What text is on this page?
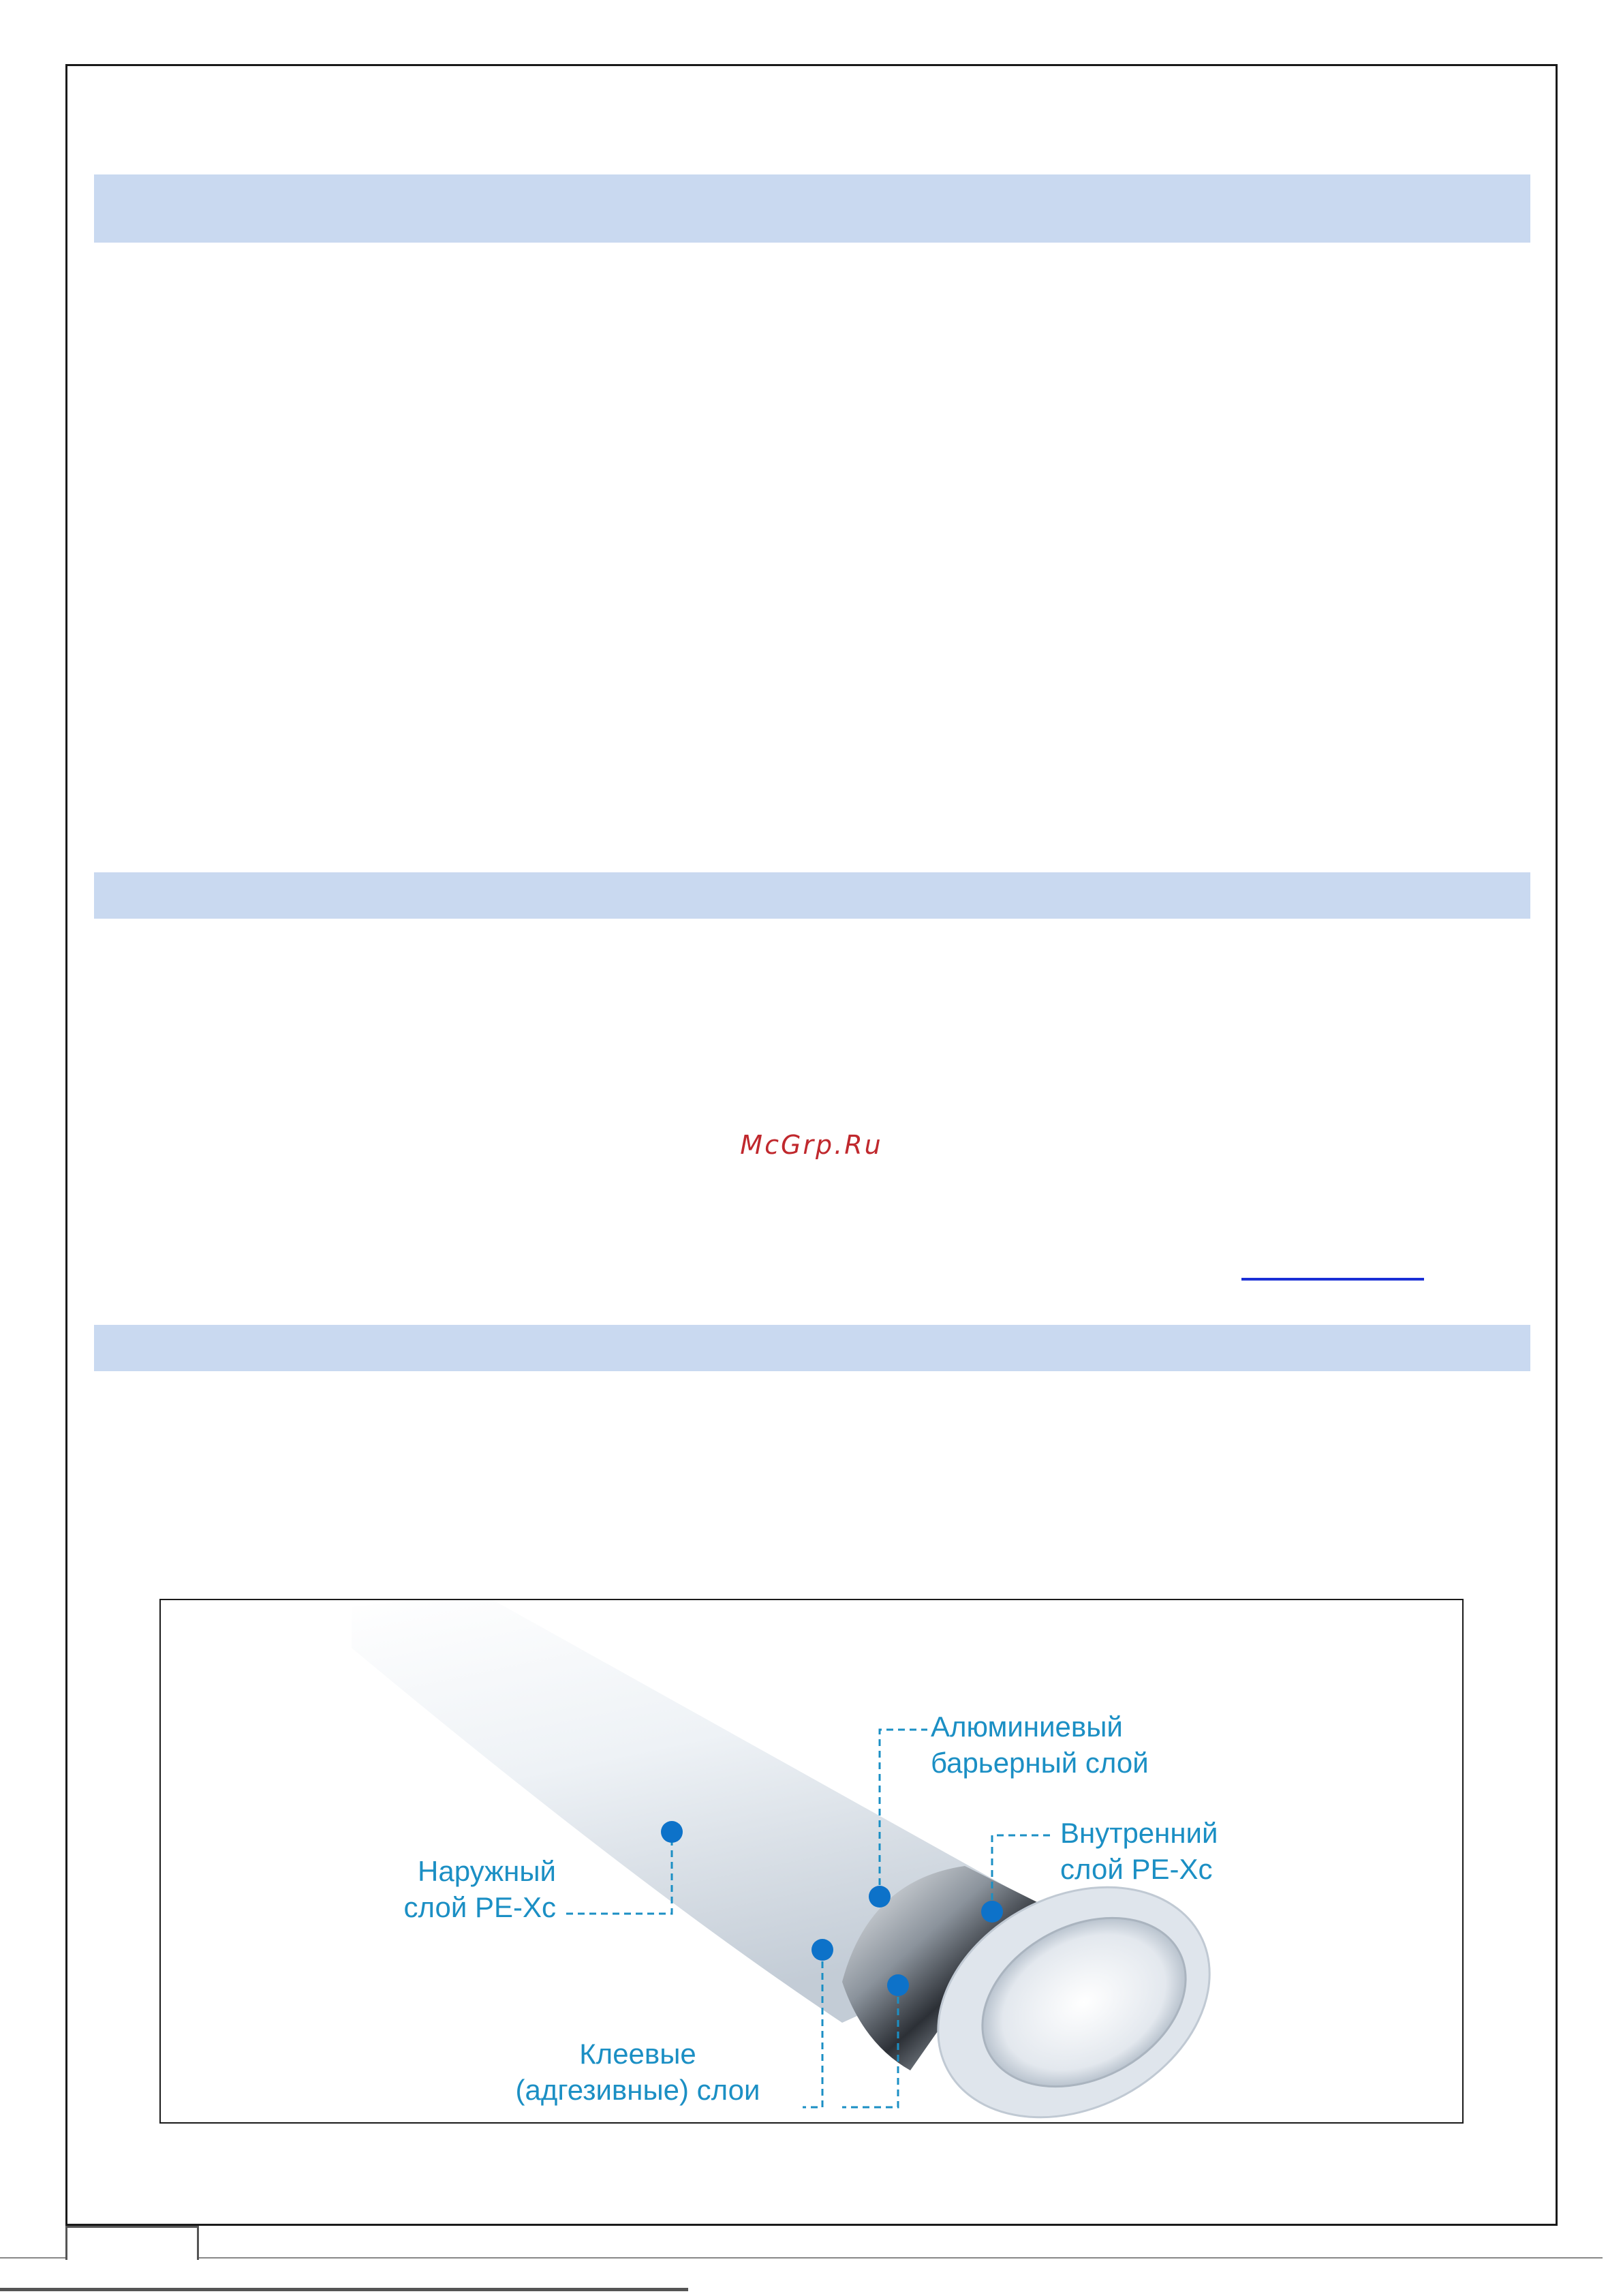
McGrp.Ru
Алюминиевый
барьерный слой
Внутренний
слой PE-Xc
Наружный
слой PE-Xc
Клеевые
(адгезивные) слои
